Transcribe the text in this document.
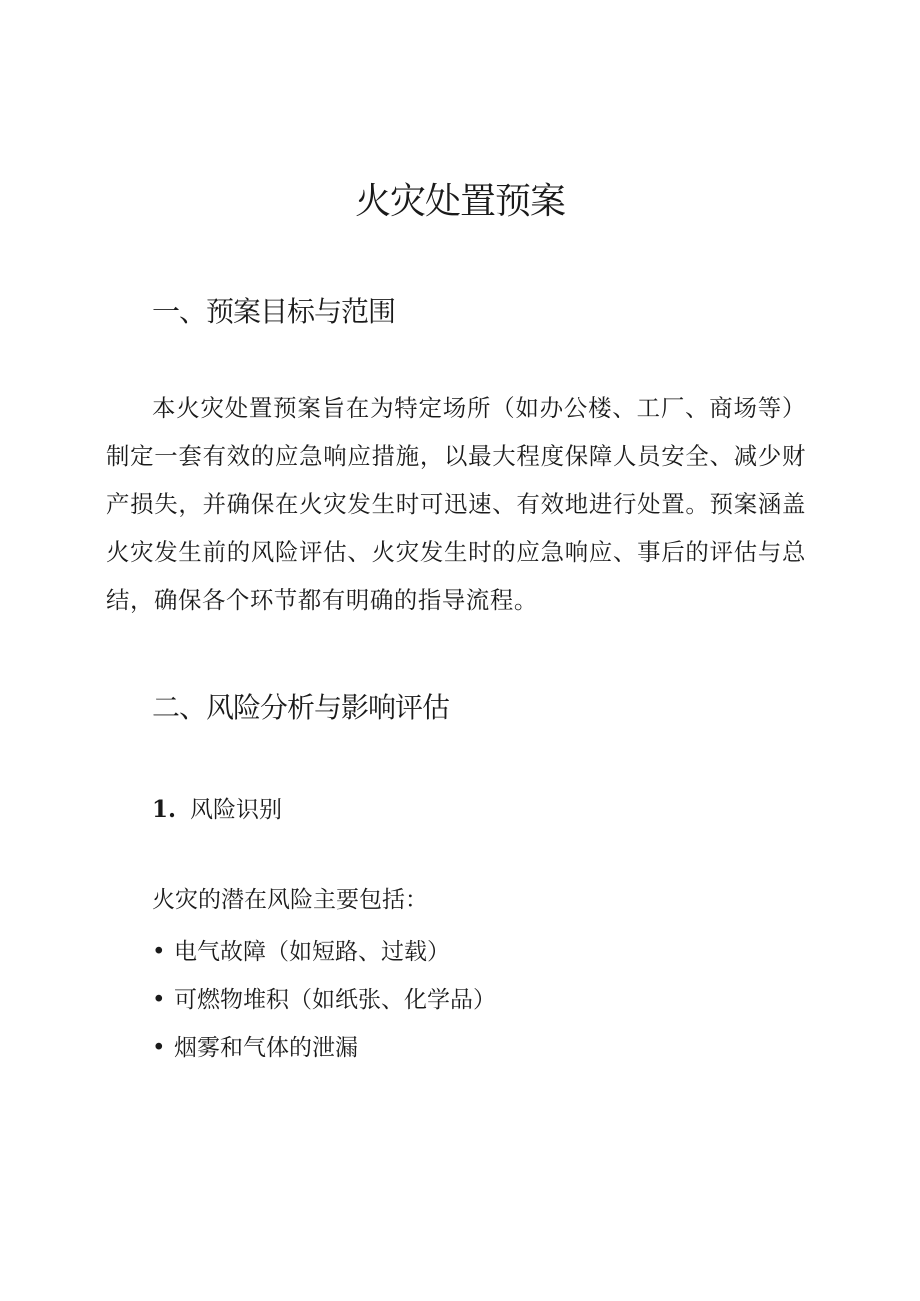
火灾处置预案
一、预案目标与范围

本火灾处置预案旨在为特定场所（如办公楼、工厂、商场等）制定一套有效的应急响应措施，以最大程度保障人员安全、减少财产损失，并确保在火灾发生时可迅速、有效地进行处置。预案涵盖火灾发生前的风险评估、火灾发生时的应急响应、事后的评估与总结，确保各个环节都有明确的指导流程。

二、风险分析与影响评估
1. 风险识别

火灾的潜在风险主要包括：

• 电气故障（如短路、过载）
• 可燃物堆积（如纸张、化学品）
• 烟雾和气体的泄漏
